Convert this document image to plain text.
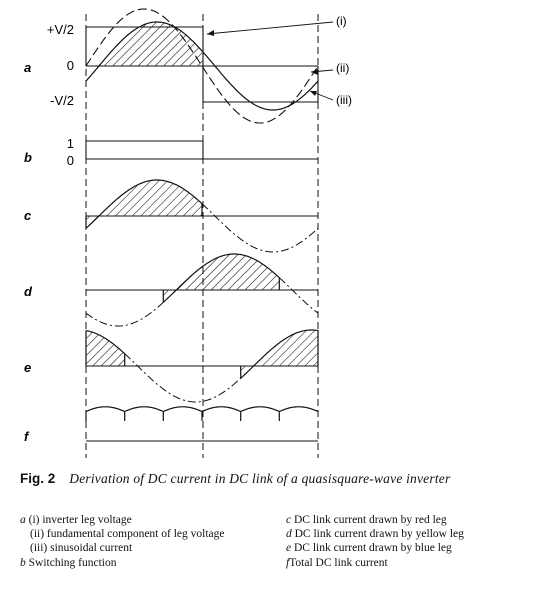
a
b
c
d
e
f
+V/2
0
-V/2
1
0
(i)
(ii)
(iii)
Fig. 2 Derivation of DC current in DC link of a quasisquare-wave inverter
a (i) inverter leg voltage
(ii) fundamental component of leg voltage
(iii) sinusoidal current
b Switching function
c DC link current drawn by red leg
d DC link current drawn by yellow leg
e DC link current drawn by blue leg
fTotal DC link current
